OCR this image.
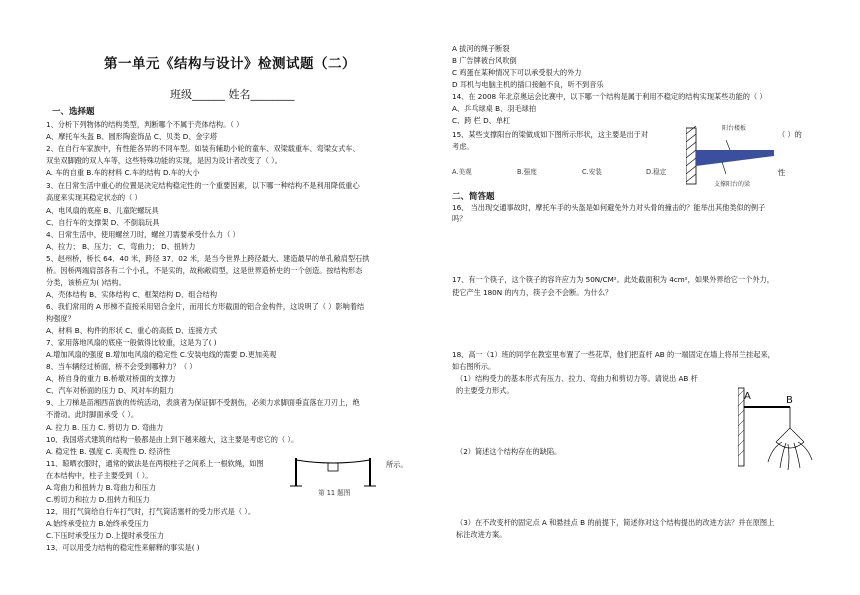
第一单元《结构与设计》检测试题（二）
班级______ 姓名________
一、选择题
1、分析下列物体的结构类型，判断哪个不属于壳体结构。（ ）
A、摩托车头盔 B、圆形陶瓷饰品 C、贝类 D、金字塔
2、在自行车家族中，有性能各异的不同车型。如装有辅助小轮的童车、双梁载重车、弯梁女式车、
双坐双脚蹬的双人车等，这些特殊功能的实现，是因为设计者改变了（ ）。
A. 车的自重 B.车的材料 C.车的结构 D.车的大小
3、在日常生活中重心的位置是决定结构稳定性的一个重要因素，以下哪一种结构不是利用降低重心
高度来实现其稳定状态的（ ）
A、电风扇的底座 B、儿童陀螺玩具
C、自行车的支撑架 D、不倒翁玩具
4、日常生活中，使用螺丝刀时，螺丝刀需要承受什么力（ ）
A、拉力； B、压力； C、弯曲力； D、扭转力
5、赵州桥，桥长 64．40 米，跨径 37．02 米，是当今世界上跨径最大、建造最早的单孔敞肩型石拱
桥。因桥两端肩部各有二个小孔，不是实的，故称敞肩型，这是世界造桥史的一个创造。按结构形态
分类，该桥应为( )结构。
A、壳体结构 B、实体结构 C、框架结构 D、组合结构
6、我们常用的 A 形梯不直接采用铝合金片，而用长方形截面的铝合金构件，这说明了（ ）影响着结
构强度？
A、材料 B、构件的形状 C、重心的高低 D、连接方式
7、家用落地风扇的底座一般做得比较重，这是为了( )
A.增加风扇的强度 B.增加电风扇的稳定性 C.安装电线的需要 D.更加美观
8、当车辆经过桥面，桥不会受到哪种力？（ ）
A、桥自身的重力 B.桥墩对桥面的支撑力
C、汽车对桥面的压力 D、风对车的阻力
9、上刀梯是苗湘西苗族的传统活动，表演者为保证脚不受割伤，必须力求脚面垂直落在刀刃上，绝
不滑动。此时脚面承受（ ）。
A. 拉力 B. 压力 C. 剪切力 D. 弯曲力
10、我国塔式建筑的结构一般都是由上到下越来越大，这主要是考虑它的（ ）。
A. 稳定性 B. 强度 C. 美观性 D. 经济性
11、晾晒衣服时，通常的做法是在两根柱子之间系上一根软绳，如图
在本结构中，柱子主要受到（ ）。
A.弯曲力和扭转力 B.弯曲力和压力
C.剪切力和拉力 D.扭转力和压力
12、用打气筒给自行车打气时，打气筒活塞杆的受力形式是（ ）。
A.始终承受拉力 B.始终承受压力
C.下压时承受压力 D.上提时承受压力
13、可以用受力结构的稳定性来解释的事实是( )
第 11 题图
所示。
A 拔河的绳子断裂
B 广告牌被台风吹倒
C 鸡蛋在某种情况下可以承受很大的外力
D 耳机与电脑主机的插口接触不良，听不到音乐
14、在 2008 年北京奥运会比赛中，以下哪一个结构是属于利用不稳定的结构实现某些功能的（ ）
A、乒乓球桌 B、羽毛球拍
C、跨 栏 D、单杠
15、某些支撑阳台的梁做成如下图所示形状，这主要是出于对	（ ）的
考虑。
A.美观	B.强度	C.安装	D.稳定	性
阳台楼板
支撑阳台的梁
二、简答题
16、 当出现交通事故时，摩托车手的头盔是如何避免外力对头骨的撞击的？能举出其他类似的例子
吗？
17、有一个筷子，这个筷子的容许应力为 50N/CM²。此处截面积为 4cm²，如果外界给它一个外力，
使它产生 180N 的内力，筷子会不会断。为什么？
18、高一（1）班的同学在教室里布置了一些花草，他们把直杆 AB 的一端固定在墙上将吊兰挂起来，
如右图所示。
（1）结构受力的基本形式有压力、拉力、弯曲力和剪切力等。请说出 AB 杆
的主要受力形式。
（2）简述这个结构存在的缺陷。
（3）在不改变杆的固定点 A 和悬挂点 B 的前提下，简述你对这个结构提出的改进方法？并在原图上
标注改进方案。
A	B
